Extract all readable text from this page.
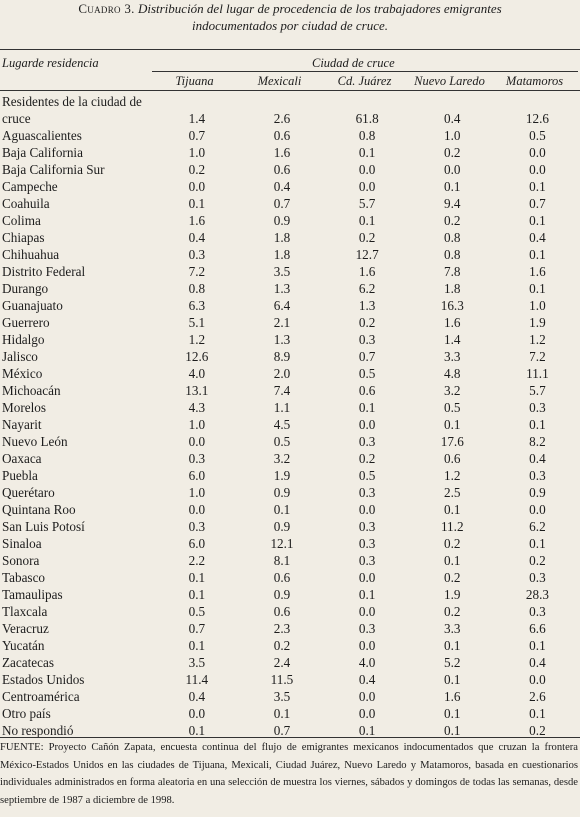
Cuadro 3. Distribución del lugar de procedencia de los trabajadores emigrantes
indocumentados por ciudad de cruce.
Lugarde residencia	Ciudad de cruce
Tijuana	Mexicali	Cd. Juárez	Nuevo Laredo	Matamoros
Residentes de la ciudad de cruce	1.4	2.6	61.8	0.4	12.6
Aguascalientes	0.7	0.6	0.8	1.0	0.5
Baja California	1.0	1.6	0.1	0.2	0.0
Baja California Sur	0.2	0.6	0.0	0.0	0.0
Campeche	0.0	0.4	0.0	0.1	0.1
Coahuila	0.1	0.7	5.7	9.4	0.7
Colima	1.6	0.9	0.1	0.2	0.1
Chiapas	0.4	1.8	0.2	0.8	0.4
Chihuahua	0.3	1.8	12.7	0.8	0.1
Distrito Federal	7.2	3.5	1.6	7.8	1.6
Durango	0.8	1.3	6.2	1.8	0.1
Guanajuato	6.3	6.4	1.3	16.3	1.0
Guerrero	5.1	2.1	0.2	1.6	1.9
Hidalgo	1.2	1.3	0.3	1.4	1.2
Jalisco	12.6	8.9	0.7	3.3	7.2
México	4.0	2.0	0.5	4.8	11.1
Michoacán	13.1	7.4	0.6	3.2	5.7
Morelos	4.3	1.1	0.1	0.5	0.3
Nayarit	1.0	4.5	0.0	0.1	0.1
Nuevo León	0.0	0.5	0.3	17.6	8.2
Oaxaca	0.3	3.2	0.2	0.6	0.4
Puebla	6.0	1.9	0.5	1.2	0.3
Querétaro	1.0	0.9	0.3	2.5	0.9
Quintana Roo	0.0	0.1	0.0	0.1	0.0
San Luis Potosí	0.3	0.9	0.3	11.2	6.2
Sinaloa	6.0	12.1	0.3	0.2	0.1
Sonora	2.2	8.1	0.3	0.1	0.2
Tabasco	0.1	0.6	0.0	0.2	0.3
Tamaulipas	0.1	0.9	0.1	1.9	28.3
Tlaxcala	0.5	0.6	0.0	0.2	0.3
Veracruz	0.7	2.3	0.3	3.3	6.6
Yucatán	0.1	0.2	0.0	0.1	0.1
Zacatecas	3.5	2.4	4.0	5.2	0.4
Estados Unidos	11.4	11.5	0.4	0.1	0.0
Centroamérica	0.4	3.5	0.0	1.6	2.6
Otro país	0.0	0.1	0.0	0.1	0.1
No respondió	0.1	0.7	0.1	0.1	0.2
FUENTE: Proyecto Cañón Zapata, encuesta continua del flujo de emigrantes mexicanos indocumentados que cruzan la frontera México-Estados Unidos en las ciudades de Tijuana, Mexicali, Ciudad Juárez, Nuevo Laredo y Matamoros, basada en cuestionarios individuales administrados en forma aleatoria en una selección de muestra los viernes, sábados y domingos de todas las semanas, desde septiembre de 1987 a diciembre de 1998.
